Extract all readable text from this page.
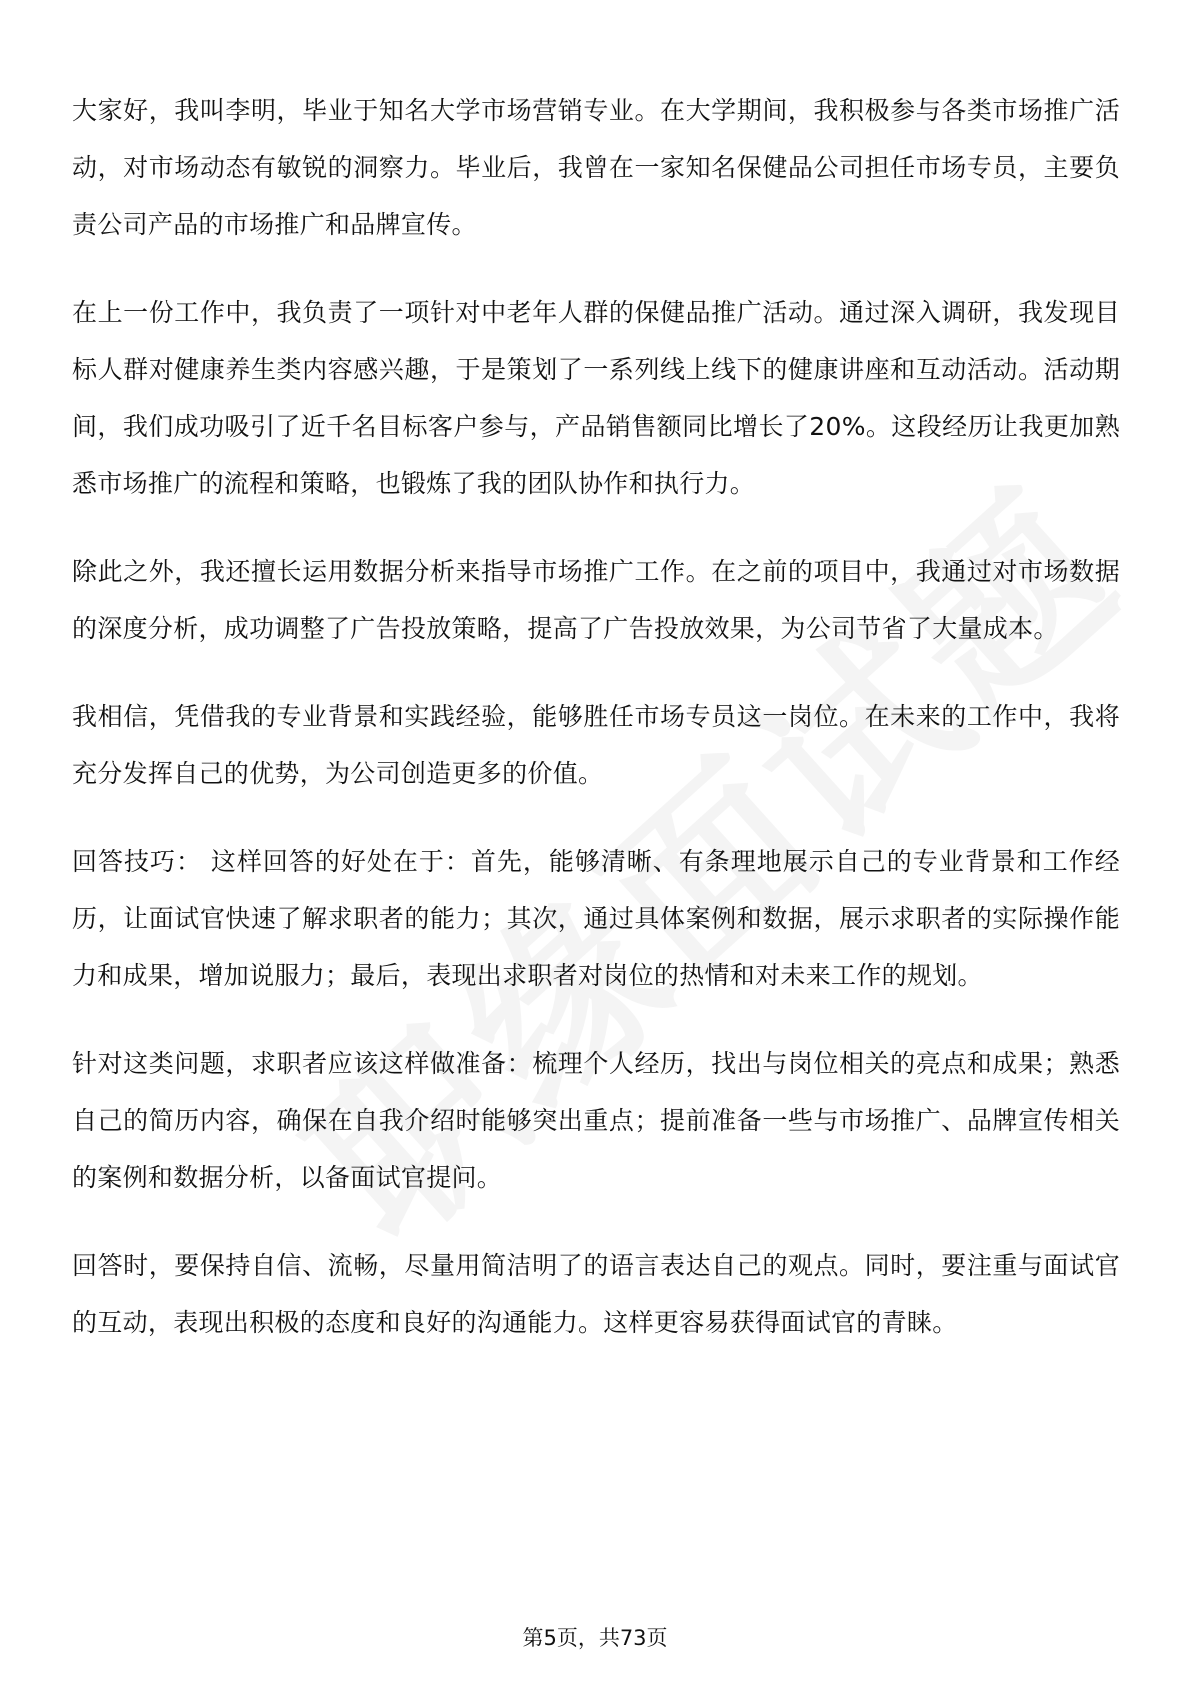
大家好，我叫李明，毕业于知名大学市场营销专业。在大学期间，我积极参与各类市场推广活动，对市场动态有敏锐的洞察力。毕业后，我曾在一家知名保健品公司担任市场专员，主要负责公司产品的市场推广和品牌宣传。

在上一份工作中，我负责了一项针对中老年人群的保健品推广活动。通过深入调研，我发现目标人群对健康养生类内容感兴趣，于是策划了一系列线上线下的健康讲座和互动活动。活动期间，我们成功吸引了近千名目标客户参与，产品销售额同比增长了20%。这段经历让我更加熟悉市场推广的流程和策略，也锻炼了我的团队协作和执行力。

除此之外，我还擅长运用数据分析来指导市场推广工作。在之前的项目中，我通过对市场数据的深度分析，成功调整了广告投放策略，提高了广告投放效果，为公司节省了大量成本。

我相信，凭借我的专业背景和实践经验，能够胜任市场专员这一岗位。在未来的工作中，我将充分发挥自己的优势，为公司创造更多的价值。

回答技巧： 这样回答的好处在于：首先，能够清晰、有条理地展示自己的专业背景和工作经历，让面试官快速了解求职者的能力；其次，通过具体案例和数据，展示求职者的实际操作能力和成果，增加说服力；最后，表现出求职者对岗位的热情和对未来工作的规划。

针对这类问题，求职者应该这样做准备：梳理个人经历，找出与岗位相关的亮点和成果；熟悉自己的简历内容，确保在自我介绍时能够突出重点；提前准备一些与市场推广、品牌宣传相关的案例和数据分析，以备面试官提问。

回答时，要保持自信、流畅，尽量用简洁明了的语言表达自己的观点。同时，要注重与面试官的互动，表现出积极的态度和良好的沟通能力。这样更容易获得面试官的青睐。

第5页，共73页
